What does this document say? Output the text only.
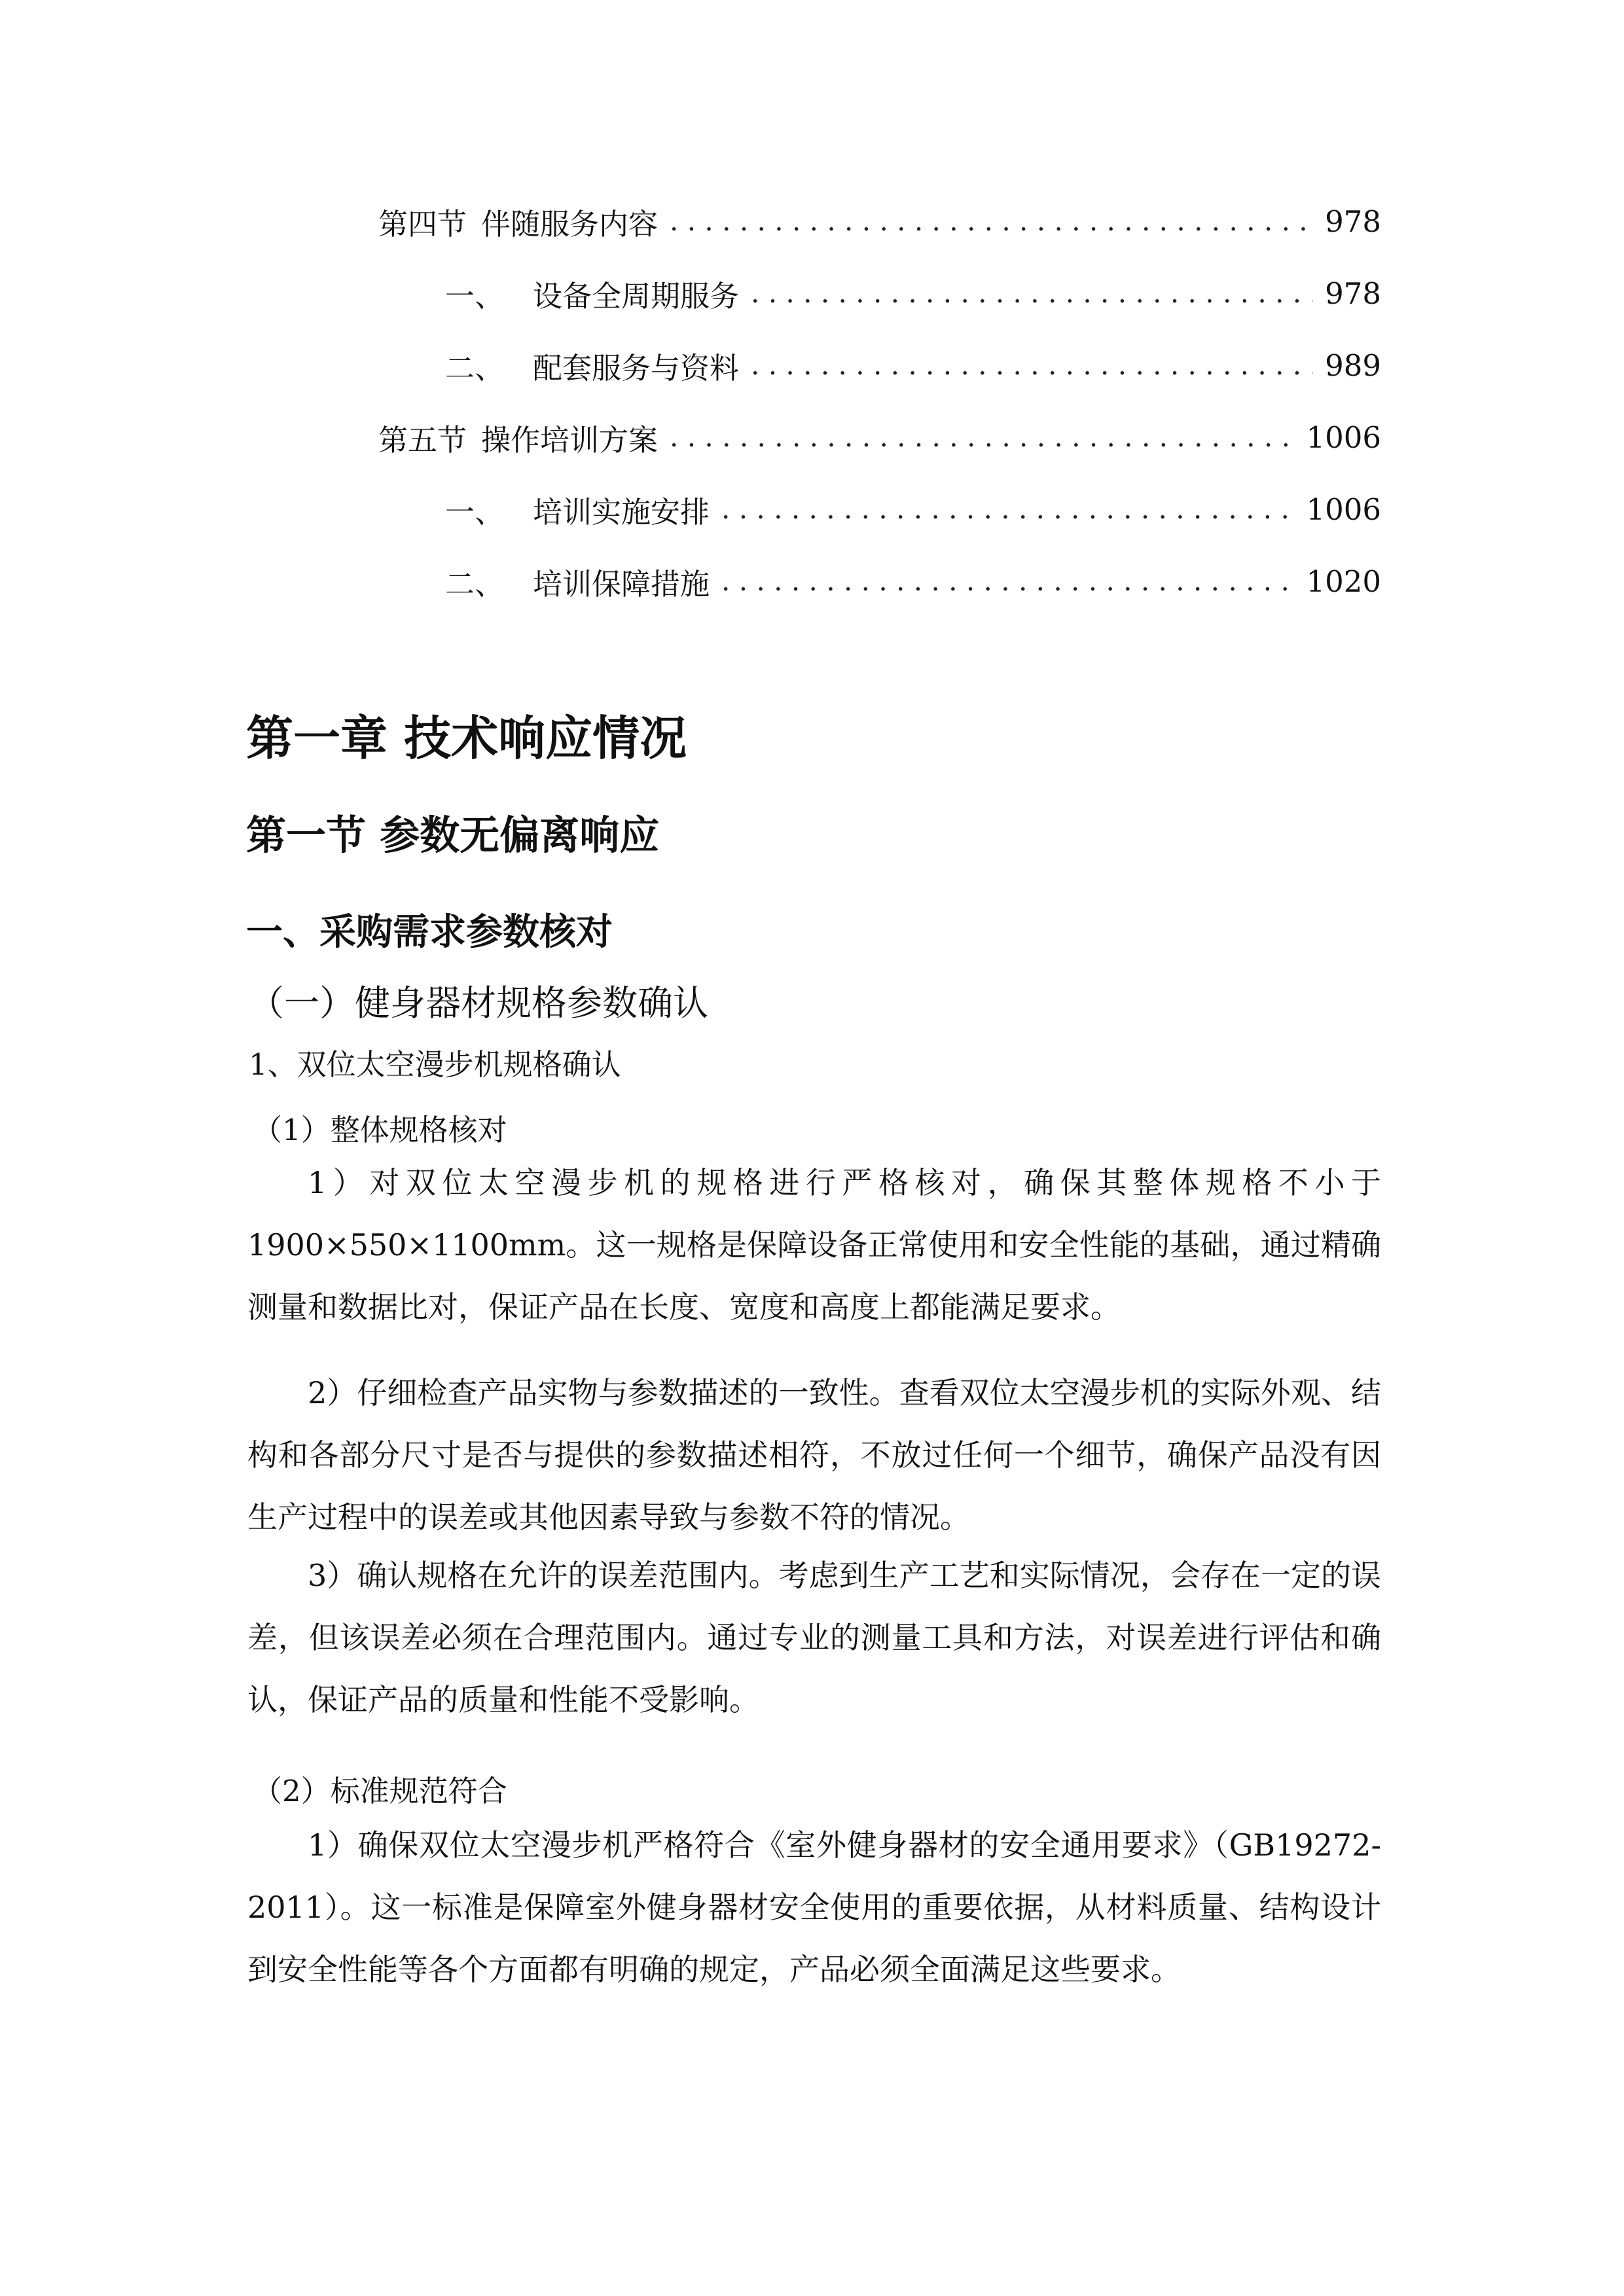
第四节 伴随服务内容 . . .	978
一、 设备全周期服务 . . .	978
二、 配套服务与资料 . . .	989
第五节 操作培训方案 . . .	1006
一、 培训实施安排 . . .	1006
二、 培训保障措施 . . .	1020
第一章 技术响应情况
第一节 参数无偏离响应
一、采购需求参数核对
（一）健身器材规格参数确认
1、双位太空漫步机规格确认
（1）整体规格核对

1）对双位太空漫步机的规格进行严格核对，确保其整体规格不小于1900×550×1100mm。这一规格是保障设备正常使用和安全性能的基础，通过精确测量和数据比对，保证产品在长度、宽度和高度上都能满足要求。

2）仔细检查产品实物与参数描述的一致性。查看双位太空漫步机的实际外观、结构和各部分尺寸是否与提供的参数描述相符，不放过任何一个细节，确保产品没有因生产过程中的误差或其他因素导致与参数不符的情况。

3）确认规格在允许的误差范围内。考虑到生产工艺和实际情况，会存在一定的误差，但该误差必须在合理范围内。通过专业的测量工具和方法，对误差进行评估和确认，保证产品的质量和性能不受影响。

（2）标准规范符合

1）确保双位太空漫步机严格符合《室外健身器材的安全通用要求》（GB19272-2011）。这一标准是保障室外健身器材安全使用的重要依据，从材料质量、结构设计到安全性能等各个方面都有明确的规定，产品必须全面满足这些要求。
